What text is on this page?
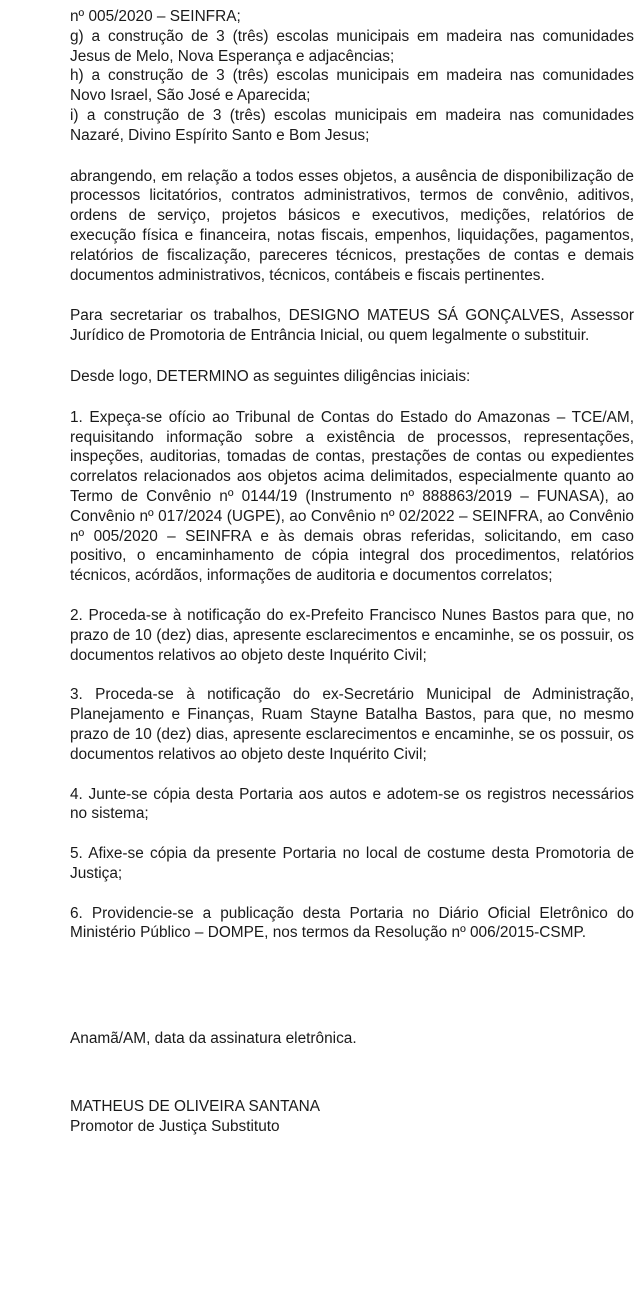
nº 005/2020 – SEINFRA;

g) a construção de 3 (três) escolas municipais em madeira nas comunidades Jesus de Melo, Nova Esperança e adjacências;

h) a construção de 3 (três) escolas municipais em madeira nas comunidades Novo Israel, São José e Aparecida;

i) a construção de 3 (três) escolas municipais em madeira nas comunidades Nazaré, Divino Espírito Santo e Bom Jesus;

abrangendo, em relação a todos esses objetos, a ausência de disponibilização de processos licitatórios, contratos administrativos, termos de convênio, aditivos, ordens de serviço, projetos básicos e executivos, medições, relatórios de execução física e financeira, notas fiscais, empenhos, liquidações, pagamentos, relatórios de fiscalização, pareceres técnicos, prestações de contas e demais documentos administrativos, técnicos, contábeis e fiscais pertinentes.

Para secretariar os trabalhos, DESIGNO MATEUS SÁ GONÇALVES, Assessor Jurídico de Promotoria de Entrância Inicial, ou quem legalmente o substituir.

Desde logo, DETERMINO as seguintes diligências iniciais:

1. Expeça-se ofício ao Tribunal de Contas do Estado do Amazonas – TCE/AM, requisitando informação sobre a existência de processos, representações, inspeções, auditorias, tomadas de contas, prestações de contas ou expedientes correlatos relacionados aos objetos acima delimitados, especialmente quanto ao Termo de Convênio nº 0144/19 (Instrumento nº 888863/2019 – FUNASA), ao Convênio nº 017/2024 (UGPE), ao Convênio nº 02/2022 – SEINFRA, ao Convênio nº 005/2020 – SEINFRA e às demais obras referidas, solicitando, em caso positivo, o encaminhamento de cópia integral dos procedimentos, relatórios técnicos, acórdãos, informações de auditoria e documentos correlatos;

2. Proceda-se à notificação do ex-Prefeito Francisco Nunes Bastos para que, no prazo de 10 (dez) dias, apresente esclarecimentos e encaminhe, se os possuir, os documentos relativos ao objeto deste Inquérito Civil;

3. Proceda-se à notificação do ex-Secretário Municipal de Administração, Planejamento e Finanças, Ruam Stayne Batalha Bastos, para que, no mesmo prazo de 10 (dez) dias, apresente esclarecimentos e encaminhe, se os possuir, os documentos relativos ao objeto deste Inquérito Civil;

4. Junte-se cópia desta Portaria aos autos e adotem-se os registros necessários no sistema;

5. Afixe-se cópia da presente Portaria no local de costume desta Promotoria de Justiça;

6. Providencie-se a publicação desta Portaria no Diário Oficial Eletrônico do Ministério Público – DOMPE, nos termos da Resolução nº 006/2015-CSMP.

Anamã/AM, data da assinatura eletrônica.

MATHEUS DE OLIVEIRA SANTANA

Promotor de Justiça Substituto
